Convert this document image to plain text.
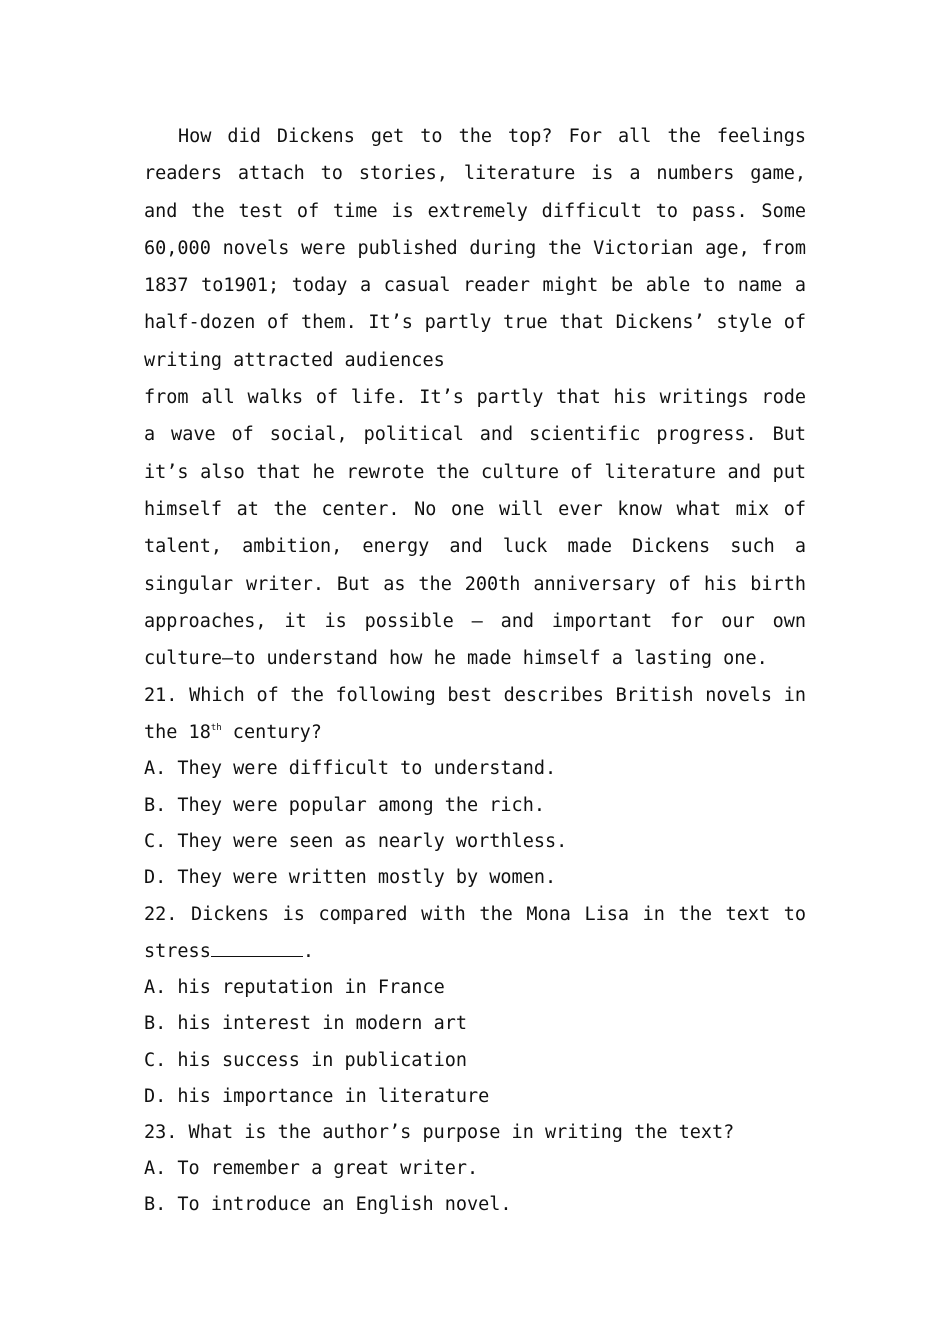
How did Dickens get to the top? For all the feelings readers attach to stories, literature is a numbers game, and the test of time is extremely difficult to pass. Some 60,000 novels were published during the Victorian age, from 1837 to1901; today a casual reader might be able to name a half-dozen of them. It’s partly true that Dickens’ style of writing attracted audiences

from all walks of life. It’s partly that his writings rode a wave of social, political and scientific progress. But it’s also that he rewrote the culture of literature and put himself at the center. No one will ever know what mix of talent, ambition, energy and luck made Dickens such a singular writer. But as the 200th anniversary of his birth approaches, it is possible — and important for our own culture—to understand how he made himself a lasting one.

21. Which of the following best describes British novels in the 18th century?

A. They were difficult to understand.

B. They were popular among the rich.

C. They were seen as nearly worthless.

D. They were written mostly by women.

22. Dickens is compared with the Mona Lisa in the text to stress	.

A. his reputation in France

B. his interest in modern art

C. his success in publication

D. his importance in literature

23. What is the author’s purpose in writing the text?

A. To remember a great writer.

B. To introduce an English novel.
